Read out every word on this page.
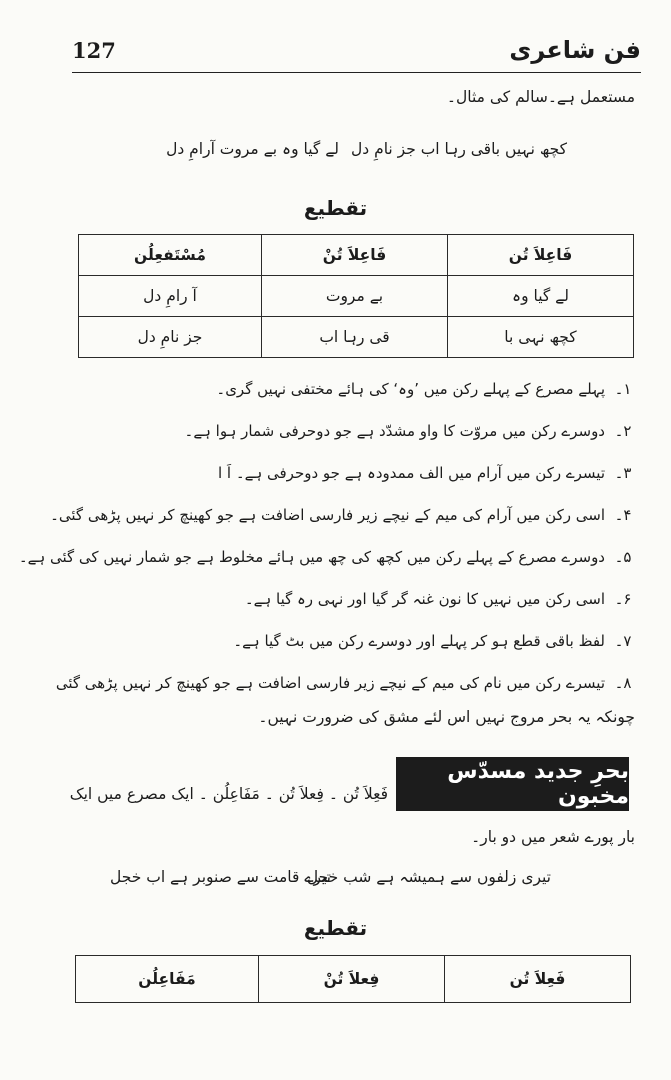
فن شاعری
127
مستعمل ہے۔سالم کی مثال۔
لے گیا وہ بے مروت آرامِ دل کچھ نہیں باقی رہا اب جز نامِ دل
تقطیع
فَاعِلاَ تُن	فَاعِلاَ تُنْ	مُسْتَفعِلُن
لے گیا وہ	بے مروت	آ رامِ دل
کچھ نہی با	قی رہا اب	جز نامِ دل
۱۔پہلے مصرع کے پہلے رکن میں ’وہ‘ کی ہائے مختفی نہیں گری۔
۲۔دوسرے رکن میں مروّت کا واو مشدّد ہے جو دوحرفی شمار ہوا ہے۔
۳۔تیسرے رکن میں آرام میں الف ممدودہ ہے جو دوحرفی ہے۔ اَ ا
۴۔اسی رکن میں آرام کی میم کے نیچے زیر فارسی اضافت ہے جو کھینچ کر نہیں پڑھی گئی۔
۵۔دوسرے مصرع کے پہلے رکن میں کچھ کی چھ میں ہائے مخلوط ہے جو شمار نہیں کی گئی ہے۔
۶۔اسی رکن میں نہیں کا نون غنہ گر گیا اور نہی رہ گیا ہے۔
۷۔لفظ باقی قطع ہو کر پہلے اور دوسرے رکن میں بٹ گیا ہے۔
۸۔تیسرے رکن میں نام کی میم کے نیچے زیر فارسی اضافت ہے جو کھینچ کر نہیں پڑھی گئی
چونکہ یہ بحر مروج نہیں اس لئے مشق کی ضرورت نہیں۔
بحرِ جدید مسدّس مخبون
فَعِلاَ تُن ۔ فِعلاَ تُن ۔ مَفَاعِلُن ۔ ایک مصرع میں ایک
بار پورے شعر میں دو بار۔
تیرے قامت سے صنوبر ہے اب خجل
تیری زلفوں سے ہمیشہ ہے شب خجل
تقطیع
فَعِلاَ تُن	فِعلاَ تُنْ	مَفَاعِلُن
